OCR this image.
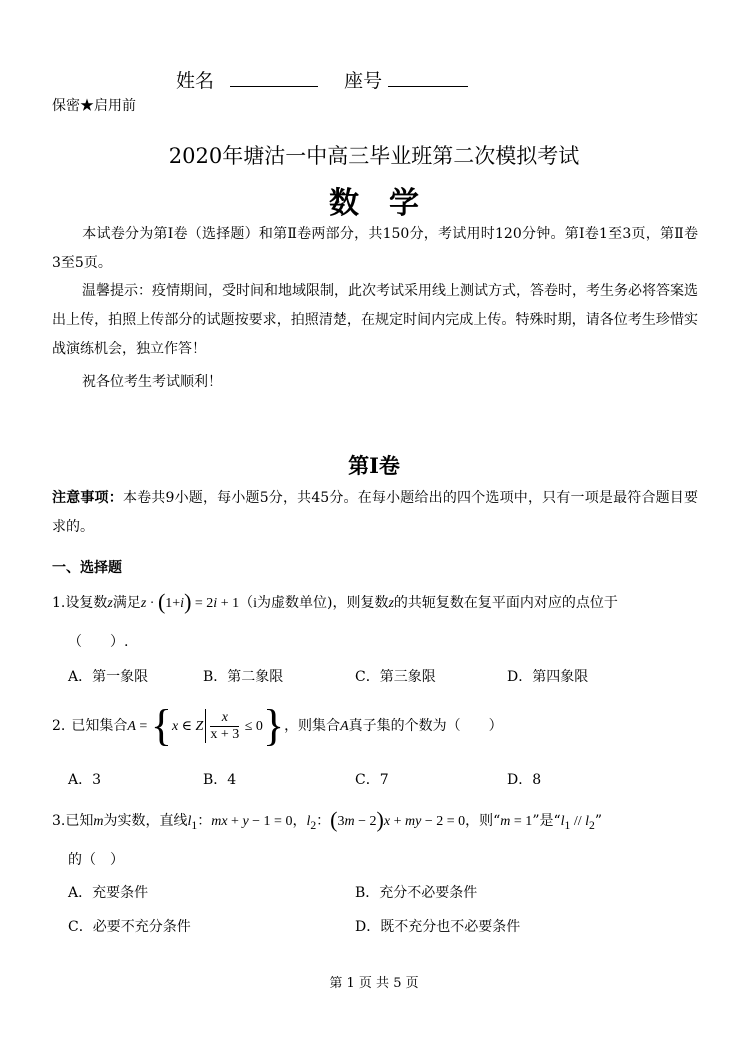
姓名	座号
保密★启用前
2020年塘沽一中高三毕业班第二次模拟考试
数　学
本试卷分为第Ⅰ卷（选择题）和第Ⅱ卷两部分，共150分，考试用时120分钟。第Ⅰ卷1至3页，第Ⅱ卷 3至5页。
温馨提示：疫情期间，受时间和地域限制，此次考试采用线上测试方式，答卷时，考生务必将答案选出上传，拍照上传部分的试题按要求，拍照清楚，在规定时间内完成上传。特殊时期，请各位考生珍惜实战演练机会，独立作答！
祝各位考生考试顺利！
第Ⅰ卷
注意事项：本卷共9小题，每小题5分，共45分。在每小题给出的四个选项中，只有一项是最符合题目要求的。
一、选择题
1.设复数z满足z · (1+i) = 2i + 1（i为虚数单位)，则复数z的共轭复数在复平面内对应的点位于
（　　）.
A．第一象限	B．第二象限	C．第三象限	D．第四象限
2. 已知集合A = {x ∈ Z $\frac{x}{x + 3} \le 0$}，则集合A真子集的个数为（　　）
A．3	B．4	C．7	D．8
3.已知m为实数，直线$l_1$：mx + y − 1 = 0，$l_2$：(3m − 2)x + my − 2 = 0，则“m = 1”是“$l_1 // l_2$”
的（　）
A．充要条件	B．充分不必要条件
C．必要不充分条件	D．既不充分也不必要条件
第 1 页 共 5 页
